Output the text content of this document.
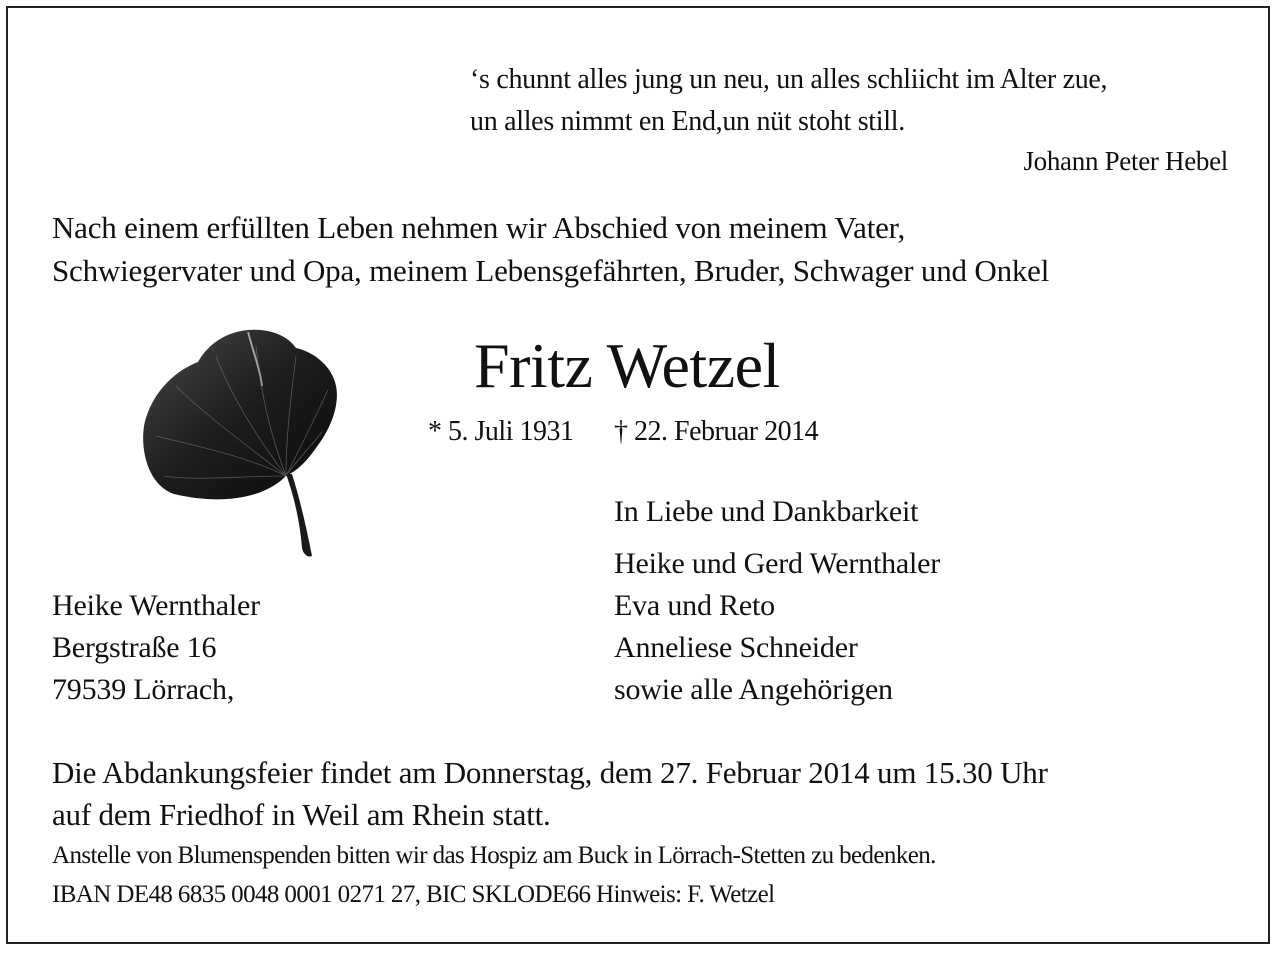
‘s chunnt alles jung un neu, un alles schliicht im Alter zue,
un alles nimmt en End,un nüt stoht still.
Johann Peter Hebel
Nach einem erfüllten Leben nehmen wir Abschied von meinem Vater,
Schwiegervater und Opa, meinem Lebensgefährten, Bruder, Schwager und Onkel
Fritz Wetzel
* 5. Juli 1931 † 22. Februar 2014
In Liebe und Dankbarkeit
Heike und Gerd Wernthaler
Eva und Reto
Anneliese Schneider
sowie alle Angehörigen
Heike Wernthaler
Bergstraße 16
79539 Lörrach,
Die Abdankungsfeier findet am Donnerstag, dem 27. Februar 2014 um 15.30 Uhr
auf dem Friedhof in Weil am Rhein statt.
Anstelle von Blumenspenden bitten wir das Hospiz am Buck in Lörrach-Stetten zu bedenken.
IBAN DE48 6835 0048 0001 0271 27, BIC SKLODE66 Hinweis: F. Wetzel
